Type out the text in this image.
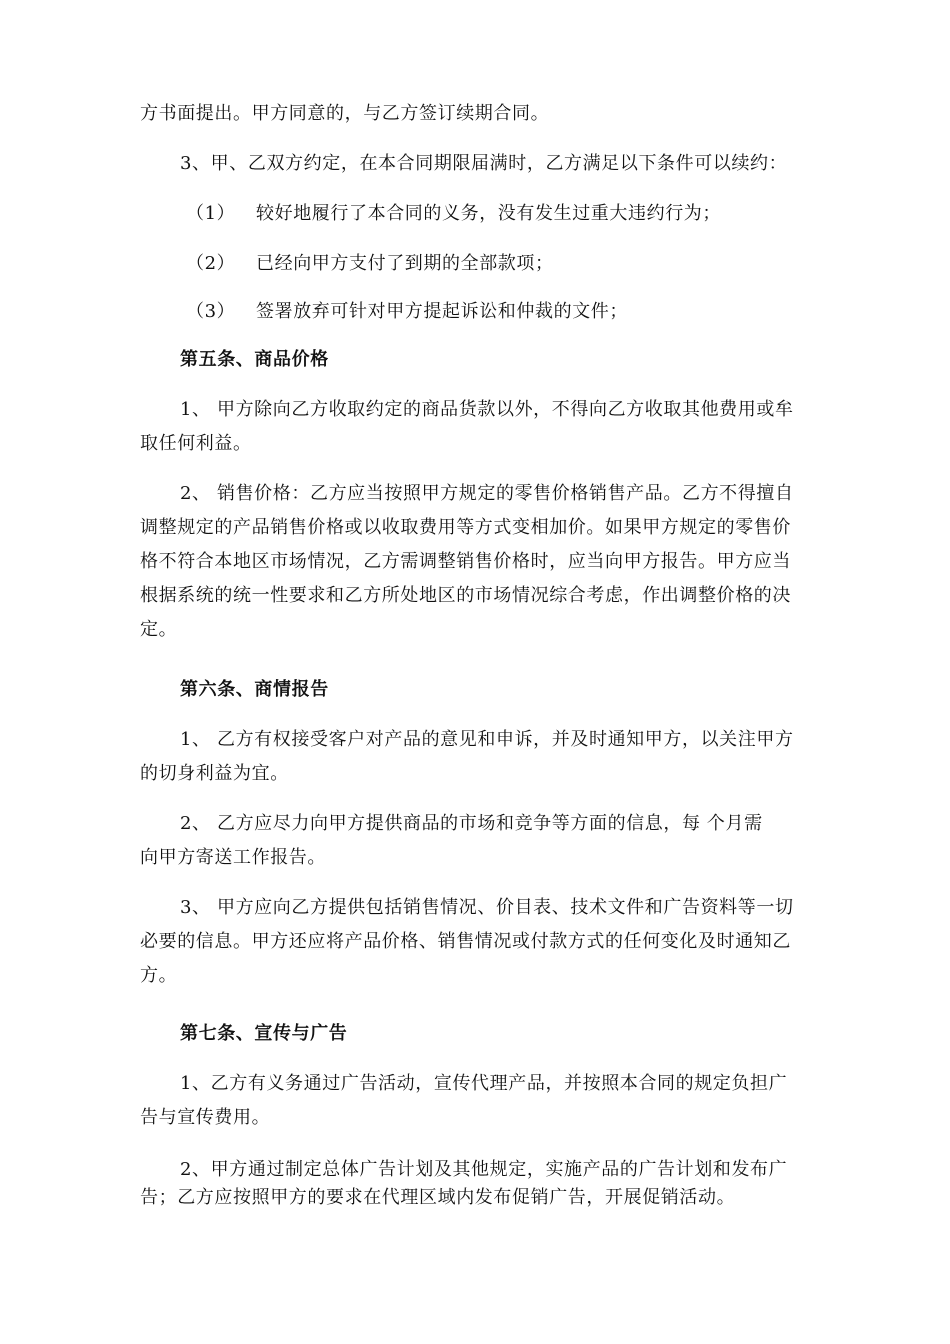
方书面提出。甲方同意的，与乙方签订续期合同。
3、甲、乙双方约定，在本合同期限届满时，乙方满足以下条件可以续约：
（1） 较好地履行了本合同的义务，没有发生过重大违约行为；
（2） 已经向甲方支付了到期的全部款项；
（3） 签署放弃可针对甲方提起诉讼和仲裁的文件；
第五条、商品价格
1、 甲方除向乙方收取约定的商品货款以外，不得向乙方收取其他费用或牟
取任何利益。
2、 销售价格：乙方应当按照甲方规定的零售价格销售产品。乙方不得擅自
调整规定的产品销售价格或以收取费用等方式变相加价。如果甲方规定的零售价
格不符合本地区市场情况，乙方需调整销售价格时，应当向甲方报告。甲方应当
根据系统的统一性要求和乙方所处地区的市场情况综合考虑，作出调整价格的决
定。
第六条、商情报告
1、 乙方有权接受客户对产品的意见和申诉，并及时通知甲方，以关注甲方
的切身利益为宜。
2、 乙方应尽力向甲方提供商品的市场和竞争等方面的信息，每 个月需
向甲方寄送工作报告。
3、 甲方应向乙方提供包括销售情况、价目表、技术文件和广告资料等一切
必要的信息。甲方还应将产品价格、销售情况或付款方式的任何变化及时通知乙
方。
第七条、宣传与广告
1、乙方有义务通过广告活动，宣传代理产品，并按照本合同的规定负担广
告与宣传费用。
2、甲方通过制定总体广告计划及其他规定，实施产品的广告计划和发布广
告；乙方应按照甲方的要求在代理区域内发布促销广告，开展促销活动。
